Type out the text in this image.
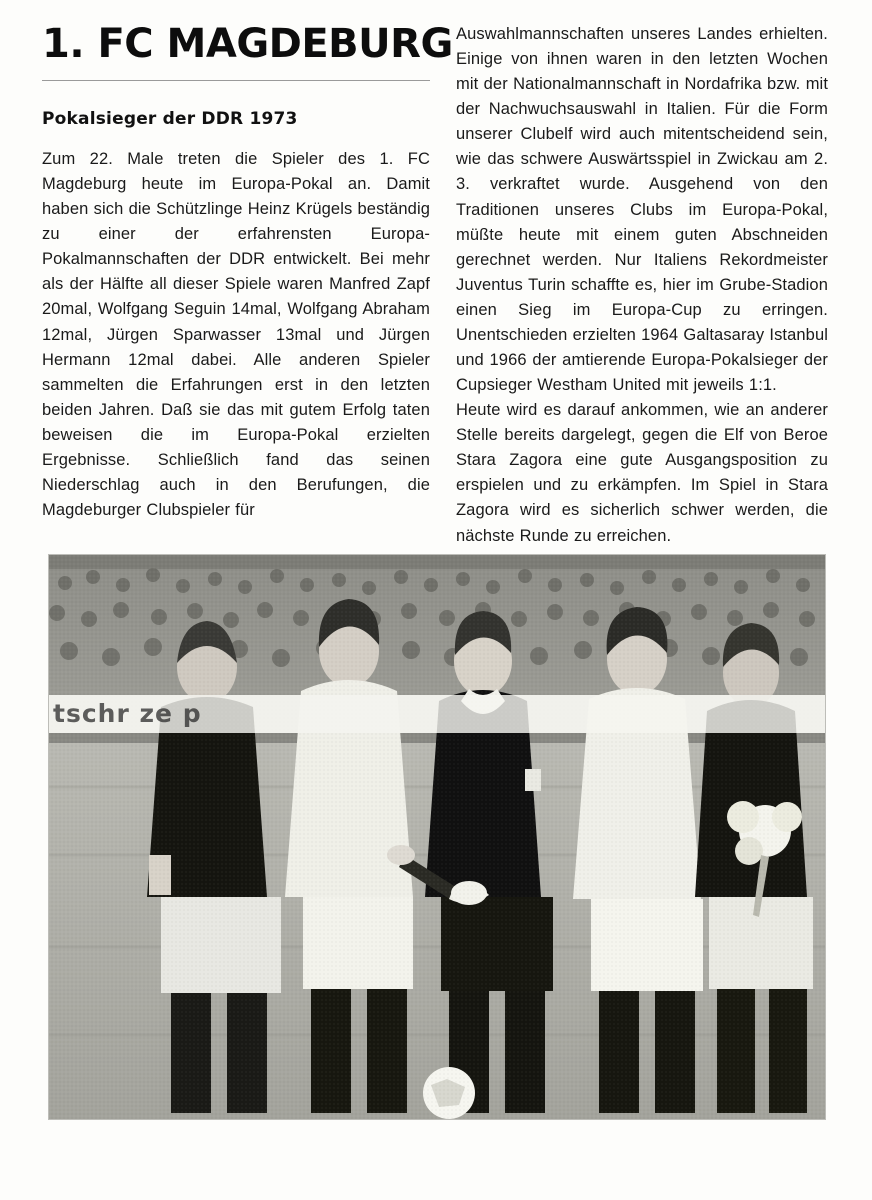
1. FC MAGDEBURG
Pokalsieger der DDR 1973

Zum 22. Male treten die Spieler des 1. FC Magdeburg heute im Europa-Pokal an. Damit haben sich die Schützlinge Heinz Krügels beständig zu einer der erfahrensten Europa-Pokalmannschaften der DDR entwickelt. Bei mehr als der Hälfte all dieser Spiele waren Manfred Zapf 20mal, Wolfgang Seguin 14mal, Wolfgang Abraham 12mal, Jürgen Sparwasser 13mal und Jürgen Hermann 12mal dabei. Alle anderen Spieler sammelten die Erfahrungen erst in den letzten beiden Jahren. Daß sie das mit gutem Erfolg taten beweisen die im Europa-Pokal erzielten Ergebnisse. Schließlich fand das seinen Niederschlag auch in den Berufungen, die Magdeburger Clubspieler für

Auswahlmannschaften unseres Landes erhielten. Einige von ihnen waren in den letzten Wochen mit der Nationalmannschaft in Nordafrika bzw. mit der Nachwuchsauswahl in Italien. Für die Form unserer Clubelf wird auch mitentscheidend sein, wie das schwere Auswärtsspiel in Zwickau am 2. 3. verkraftet wurde. Ausgehend von den Traditionen unseres Clubs im Europa-Pokal, müßte heute mit einem guten Abschneiden gerechnet werden. Nur Italiens Rekordmeister Juventus Turin schaffte es, hier im Grube-Stadion einen Sieg im Europa-Cup zu erringen. Unentschieden erzielten 1964 Galtasaray Istanbul und 1966 der amtierende Europa-Pokalsieger der Cupsieger Westham United mit jeweils 1:1.

Heute wird es darauf ankommen, wie an anderer Stelle bereits dargelegt, gegen die Elf von Beroe Stara Zagora eine gute Ausgangsposition zu erspielen und zu erkämpfen. Im Spiel in Stara Zagora wird es sicherlich schwer werden, die nächste Runde zu erreichen.

tschr ze p
